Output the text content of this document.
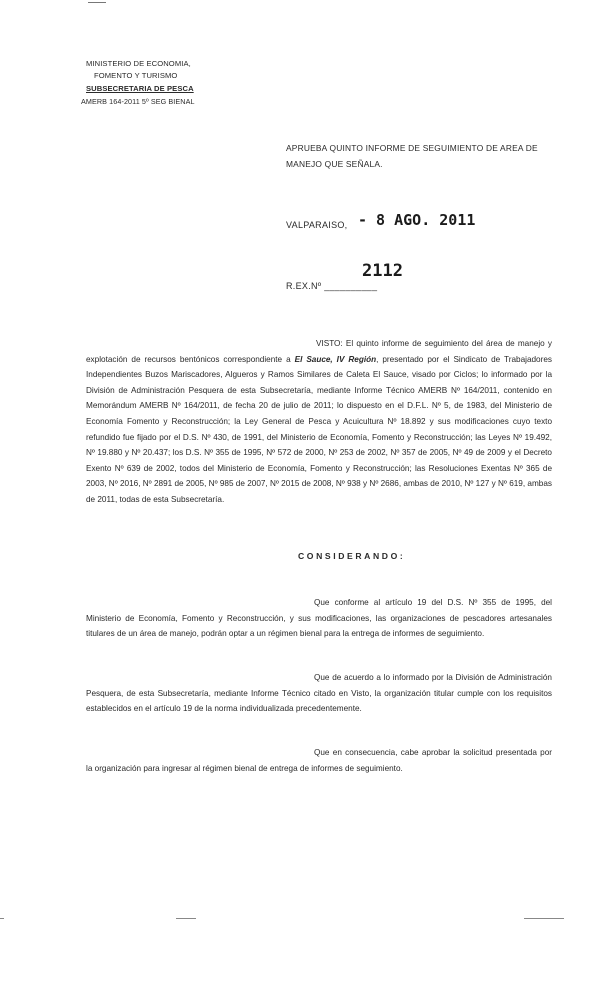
MINISTERIO DE ECONOMIA,
FOMENTO Y TURISMO
SUBSECRETARIA DE PESCA
AMERB 164-2011 5º SEG BIENAL
APRUEBA QUINTO INFORME DE SEGUIMIENTO DE AREA DE MANEJO QUE SEÑALA.
VALPARAISO, - 8 AGO. 2011
2112
R.EX.Nº __________
VISTO: El quinto informe de seguimiento del área de manejo y explotación de recursos bentónicos correspondiente a El Sauce, IV Región, presentado por el Sindicato de Trabajadores Independientes Buzos Mariscadores, Algueros y Ramos Similares de Caleta El Sauce, visado por Ciclos; lo informado por la División de Administración Pesquera de esta Subsecretaría, mediante Informe Técnico AMERB Nº 164/2011, contenido en Memorándum AMERB Nº 164/2011, de fecha 20 de julio de 2011; lo dispuesto en el D.F.L. Nº 5, de 1983, del Ministerio de Economía Fomento y Reconstrucción; la Ley General de Pesca y Acuicultura Nº 18.892 y sus modificaciones cuyo texto refundido fue fijado por el D.S. Nº 430, de 1991, del Ministerio de Economía, Fomento y Reconstrucción; las Leyes Nº 19.492, Nº 19.880 y Nº 20.437; los D.S. Nº 355 de 1995, Nº 572 de 2000, Nº 253 de 2002, Nº 357 de 2005, Nº 49 de 2009 y el Decreto Exento Nº 639 de 2002, todos del Ministerio de Economía, Fomento y Reconstrucción; las Resoluciones Exentas Nº 365 de 2003, Nº 2016, Nº 2891 de 2005, Nº 985 de 2007, Nº 2015 de 2008, Nº 938 y Nº 2686, ambas de 2010, Nº 127 y Nº 619, ambas de 2011, todas de esta Subsecretaría.
CONSIDERANDO:
Que conforme al artículo 19 del D.S. Nº 355 de 1995, del Ministerio de Economía, Fomento y Reconstrucción, y sus modificaciones, las organizaciones de pescadores artesanales titulares de un área de manejo, podrán optar a un régimen bienal para la entrega de informes de seguimiento.
Que de acuerdo a lo informado por la División de Administración Pesquera, de esta Subsecretaría, mediante Informe Técnico citado en Visto, la organización titular cumple con los requisitos establecidos en el artículo 19 de la norma individualizada precedentemente.
Que en consecuencia, cabe aprobar la solicitud presentada por la organización para ingresar al régimen bienal de entrega de informes de seguimiento.
